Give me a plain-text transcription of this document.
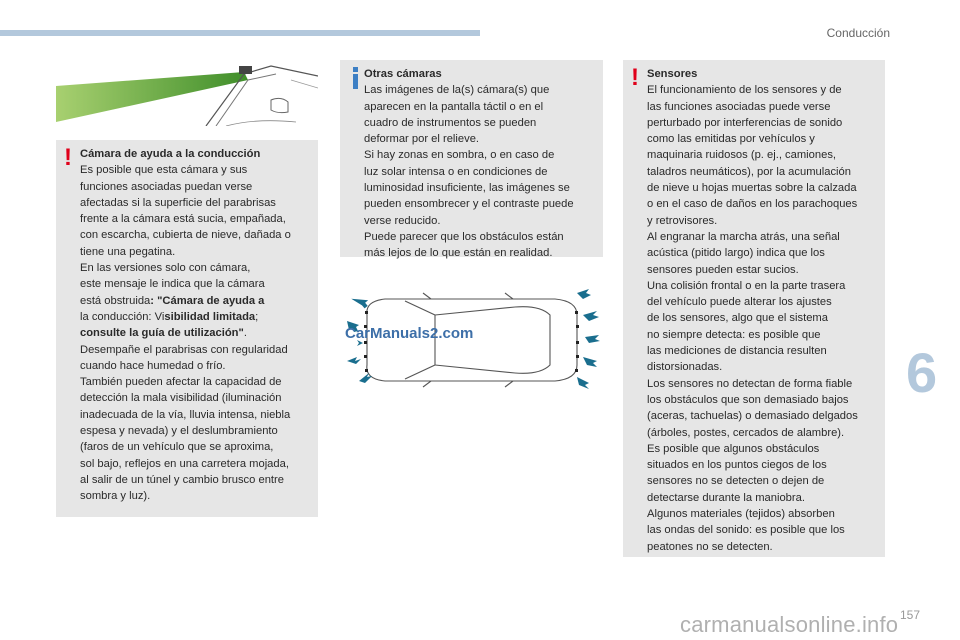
Conducción
6
157
! Cámara de ayuda a la conducción
Es posible que esta cámara y sus
funciones asociadas puedan verse
afectadas si la superficie del parabrisas
frente a la cámara está sucia, empañada,
con escarcha, cubierta de nieve, dañada o
tiene una pegatina.
En las versiones solo con cámara,
este mensaje le indica que la cámara
está obstruida: "Cámara de ayuda a
la conducción: Visibilidad limitada;
consulte la guía de utilización".
Desempañe el parabrisas con regularidad
cuando hace humedad o frío.
También pueden afectar la capacidad de
detección la mala visibilidad (iluminación
inadecuada de la vía, lluvia intensa, niebla
espesa y nevada) y el deslumbramiento
(faros de un vehículo que se aproxima,
sol bajo, reflejos en una carretera mojada,
al salir de un túnel y cambio brusco entre
sombra y luz).
Otras cámaras
Las imágenes de la(s) cámara(s) que
aparecen en la pantalla táctil o en el
cuadro de instrumentos se pueden
deformar por el relieve.
Si hay zonas en sombra, o en caso de
luz solar intensa o en condiciones de
luminosidad insuficiente, las imágenes se
pueden ensombrecer y el contraste puede
verse reducido.
Puede parecer que los obstáculos están
más lejos de lo que están en realidad.
CarManuals2.com
! Sensores
El funcionamiento de los sensores y de
las funciones asociadas puede verse
perturbado por interferencias de sonido
como las emitidas por vehículos y
maquinaria ruidosos (p. ej., camiones,
taladros neumáticos), por la acumulación
de nieve u hojas muertas sobre la calzada
o en el caso de daños en los parachoques
y retrovisores.
Al engranar la marcha atrás, una señal
acústica (pitido largo) indica que los
sensores pueden estar sucios.
Una colisión frontal o en la parte trasera
del vehículo puede alterar los ajustes
de los sensores, algo que el sistema
no siempre detecta: es posible que
las mediciones de distancia resulten
distorsionadas.
Los sensores no detectan de forma fiable
los obstáculos que son demasiado bajos
(aceras, tachuelas) o demasiado delgados
(árboles, postes, cercados de alambre).
Es posible que algunos obstáculos
situados en los puntos ciegos de los
sensores no se detecten o dejen de
detectarse durante la maniobra.
Algunos materiales (tejidos) absorben
las ondas del sonido: es posible que los
peatones no se detecten.
carmanualsonline.info
